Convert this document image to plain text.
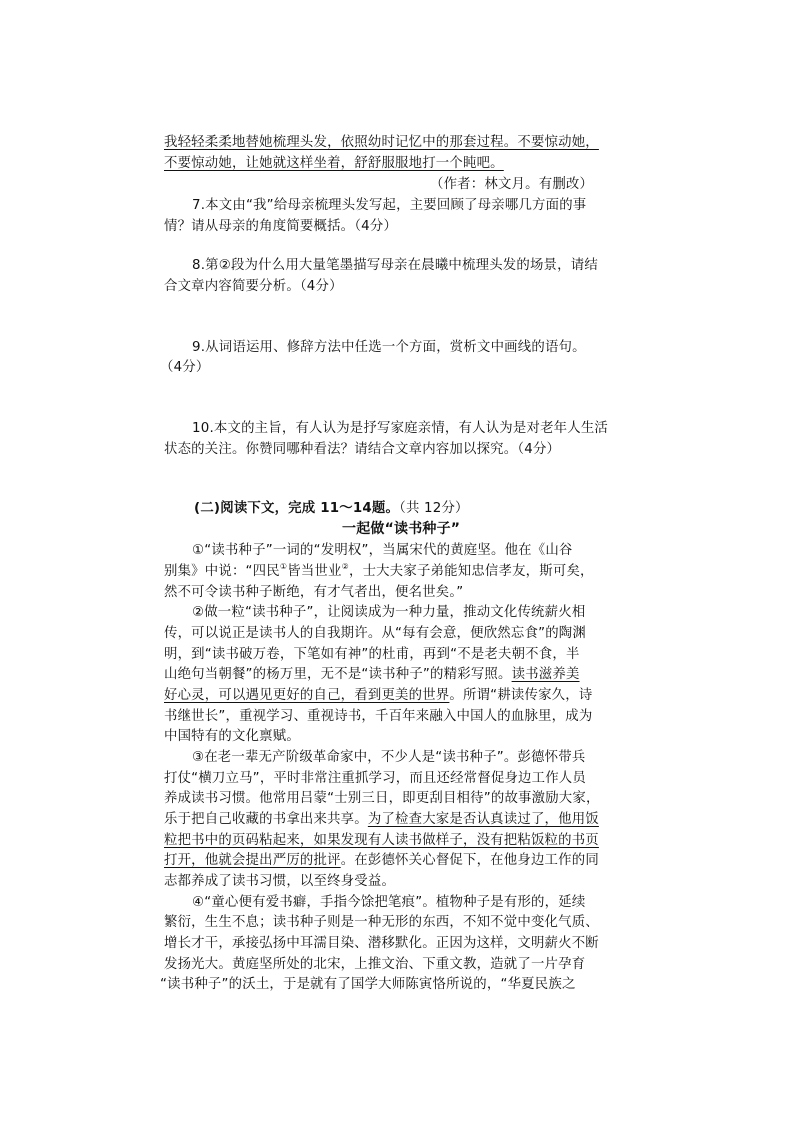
我轻轻柔柔地替她梳理头发，依照幼时记忆中的那套过程。不要惊动她，
不要惊动她，让她就这样坐着，舒舒服服地打一个盹吧。
（作者：林文月。有删改）
7.本文由“我”给母亲梳理头发写起，主要回顾了母亲哪几方面的事
情？请从母亲的角度简要概括。（4分）
8.第②段为什么用大量笔墨描写母亲在晨曦中梳理头发的场景，请结
合文章内容简要分析。（4分）
9.从词语运用、修辞方法中任选一个方面，赏析文中画线的语句。
（4分）
10.本文的主旨，有人认为是抒写家庭亲情，有人认为是对老年人生活
状态的关注。你赞同哪种看法？请结合文章内容加以探究。（4分）
(二)阅读下文，完成 11～14题。（共 12分）
一起做“读书种子”
①“读书种子”一词的“发明权”，当属宋代的黄庭坚。他在《山谷
别集》中说：“四民①皆当世业②，士大夫家子弟能知忠信孝友，斯可矣，
然不可令读书种子断绝，有才气者出，便名世矣。”
②做一粒“读书种子”，让阅读成为一种力量，推动文化传统薪火相
传，可以说正是读书人的自我期许。从“每有会意，便欣然忘食”的陶渊
明，到“读书破万卷，下笔如有神”的杜甫，再到“不是老夫朝不食，半
山绝句当朝餐”的杨万里，无不是“读书种子”的精彩写照。读书滋养美
好心灵，可以遇见更好的自己，看到更美的世界。所谓“耕读传家久，诗
书继世长”，重视学习、重视诗书，千百年来融入中国人的血脉里，成为
中国特有的文化禀赋。
③在老一辈无产阶级革命家中，不少人是“读书种子”。彭德怀带兵
打仗“横刀立马”，平时非常注重抓学习，而且还经常督促身边工作人员
养成读书习惯。他常用吕蒙“士别三日，即更刮目相待”的故事激励大家，
乐于把自己收藏的书拿出来共享。为了检查大家是否认真读过了，他用饭
粒把书中的页码粘起来，如果发现有人读书做样子，没有把粘饭粒的书页
打开，他就会提出严厉的批评。在彭德怀关心督促下，在他身边工作的同
志都养成了读书习惯，以至终身受益。
④“童心便有爱书癖，手指今馀把笔痕”。植物种子是有形的，延续
繁衍，生生不息；读书种子则是一种无形的东西，不知不觉中变化气质、
增长才干，承接弘扬中耳濡目染、潜移默化。正因为这样，文明薪火不断
发扬光大。黄庭坚所处的北宋，上推文治、下重文教，造就了一片孕育
“读书种子”的沃土，于是就有了国学大师陈寅恪所说的，“华夏民族之
